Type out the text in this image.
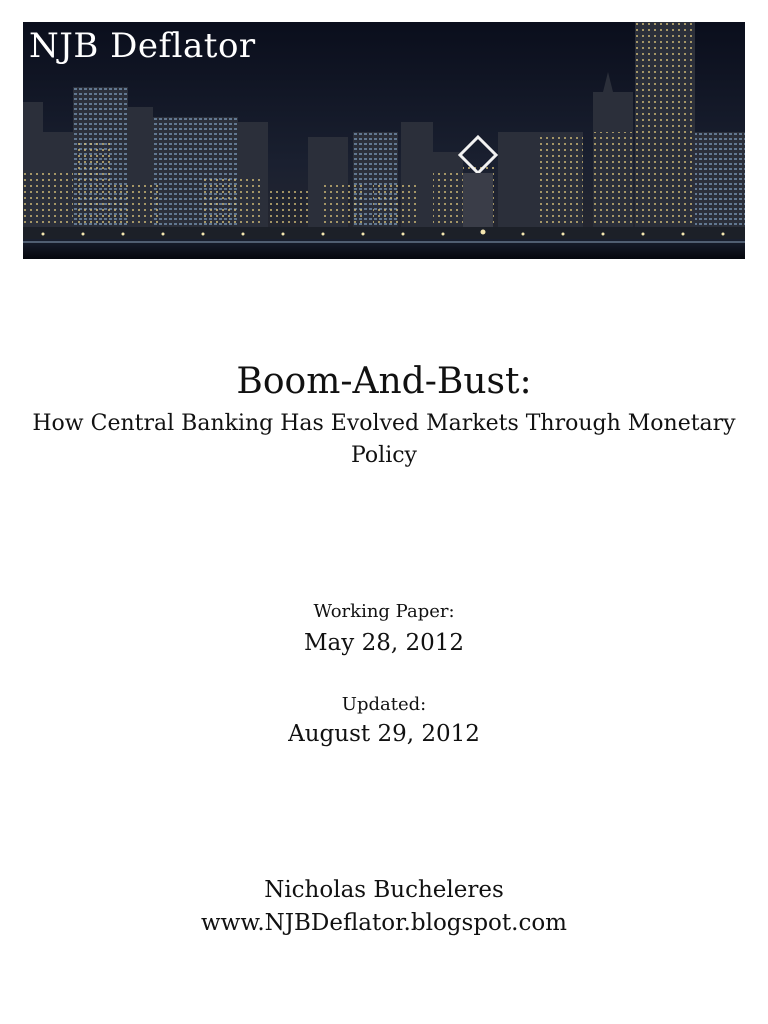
NJB Deflator
Boom-And-Bust:
How Central Banking Has Evolved Markets Through Monetary Policy
Working Paper:
May 28, 2012
Updated:
August 29, 2012
Nicholas Bucheleres
www.NJBDeflator.blogspot.com
